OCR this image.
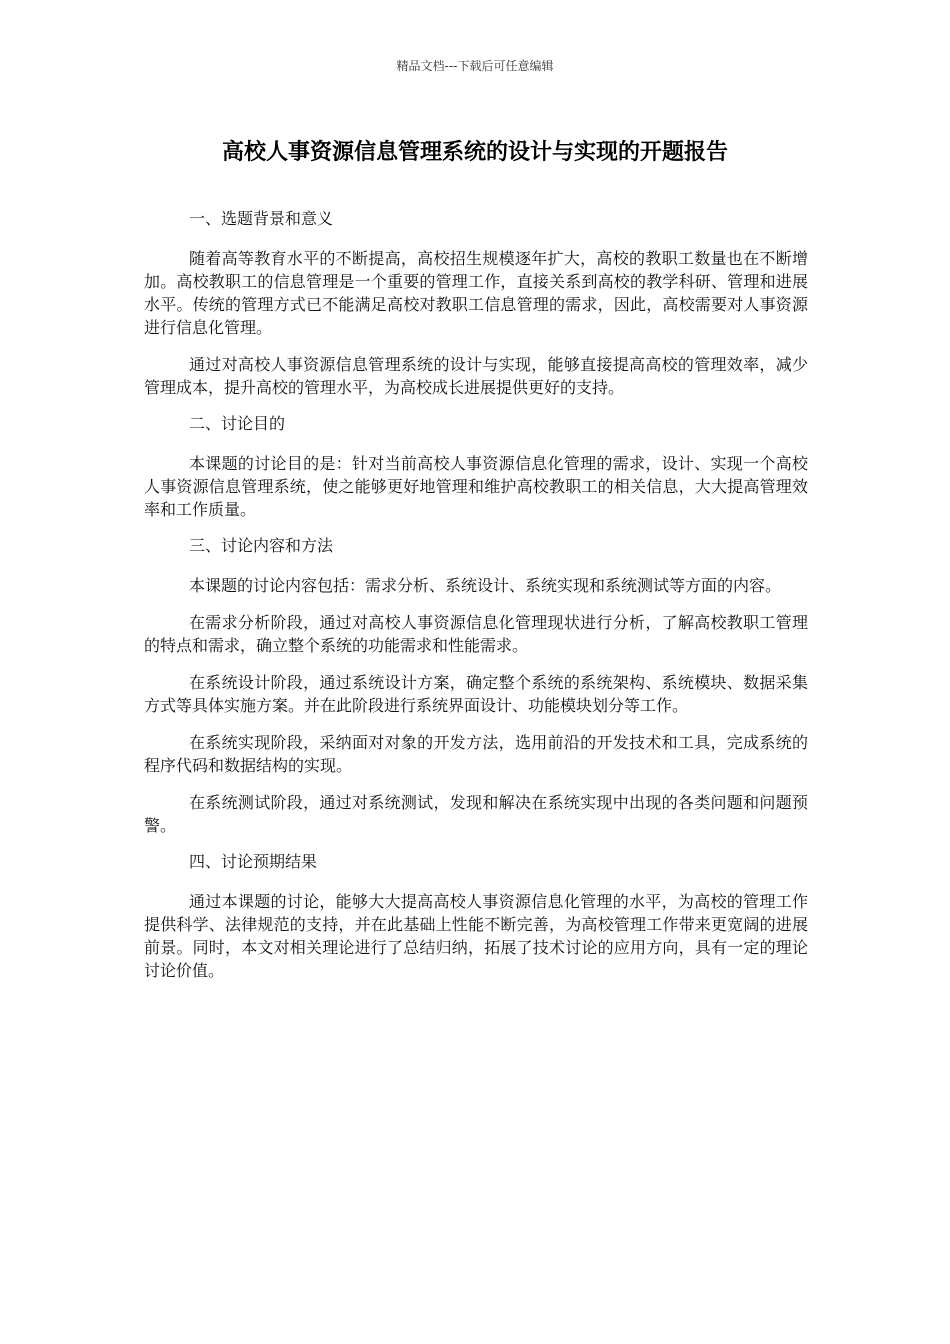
精品文档---下载后可任意编辑
高校人事资源信息管理系统的设计与实现的开题报告

一、选题背景和意义

随着高等教育水平的不断提高，高校招生规模逐年扩大，高校的教职工数量也在不断增加。高校教职工的信息管理是一个重要的管理工作，直接关系到高校的教学科研、管理和进展水平。传统的管理方式已不能满足高校对教职工信息管理的需求，因此，高校需要对人事资源进行信息化管理。

通过对高校人事资源信息管理系统的设计与实现，能够直接提高高校的管理效率，减少管理成本，提升高校的管理水平，为高校成长进展提供更好的支持。

二、讨论目的

本课题的讨论目的是：针对当前高校人事资源信息化管理的需求，设计、实现一个高校人事资源信息管理系统，使之能够更好地管理和维护高校教职工的相关信息，大大提高管理效率和工作质量。

三、讨论内容和方法

本课题的讨论内容包括：需求分析、系统设计、系统实现和系统测试等方面的内容。

在需求分析阶段，通过对高校人事资源信息化管理现状进行分析，了解高校教职工管理的特点和需求，确立整个系统的功能需求和性能需求。

在系统设计阶段，通过系统设计方案，确定整个系统的系统架构、系统模块、数据采集方式等具体实施方案。并在此阶段进行系统界面设计、功能模块划分等工作。

在系统实现阶段，采纳面对对象的开发方法，选用前沿的开发技术和工具，完成系统的程序代码和数据结构的实现。

在系统测试阶段，通过对系统测试，发现和解决在系统实现中出现的各类问题和问题预警。

四、讨论预期结果

通过本课题的讨论，能够大大提高高校人事资源信息化管理的水平，为高校的管理工作提供科学、法律规范的支持，并在此基础上性能不断完善，为高校管理工作带来更宽阔的进展前景。同时，本文对相关理论进行了总结归纳，拓展了技术讨论的应用方向，具有一定的理论讨论价值。
